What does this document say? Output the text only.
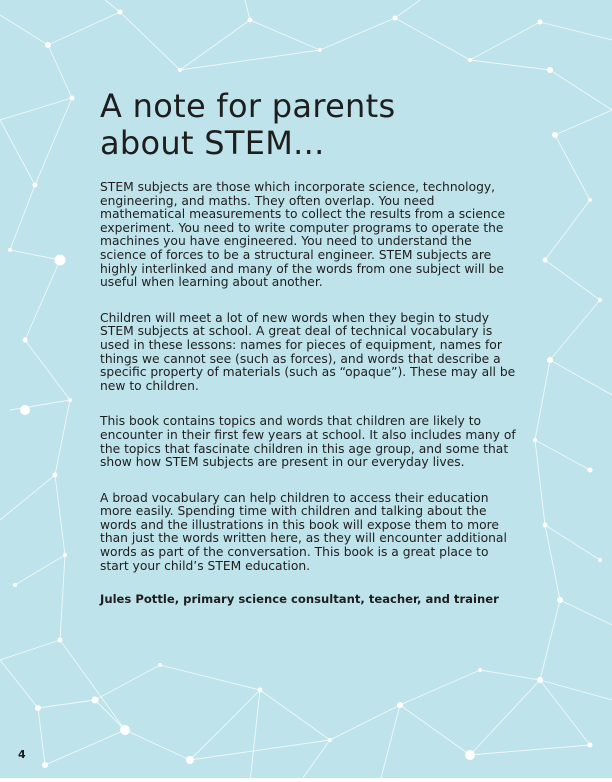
A note for parents
about STEM...

STEM subjects are those which incorporate science, technology, engineering, and maths. They often overlap. You need mathematical measurements to collect the results from a science experiment. You need to write computer programs to operate the machines you have engineered. You need to understand the science of forces to be a structural engineer. STEM subjects are highly interlinked and many of the words from one subject will be useful when learning about another.

Children will meet a lot of new words when they begin to study STEM subjects at school. A great deal of technical vocabulary is used in these lessons: names for pieces of equipment, names for things we cannot see (such as forces), and words that describe a specific property of materials (such as “opaque”). These may all be new to children.

This book contains topics and words that children are likely to encounter in their first few years at school. It also includes many of the topics that fascinate children in this age group, and some that show how STEM subjects are present in our everyday lives.

A broad vocabulary can help children to access their education more easily. Spending time with children and talking about the words and the illustrations in this book will expose them to more than just the words written here, as they will encounter additional words as part of the conversation. This book is a great place to start your child’s STEM education.

Jules Pottle, primary science consultant, teacher, and trainer
4
